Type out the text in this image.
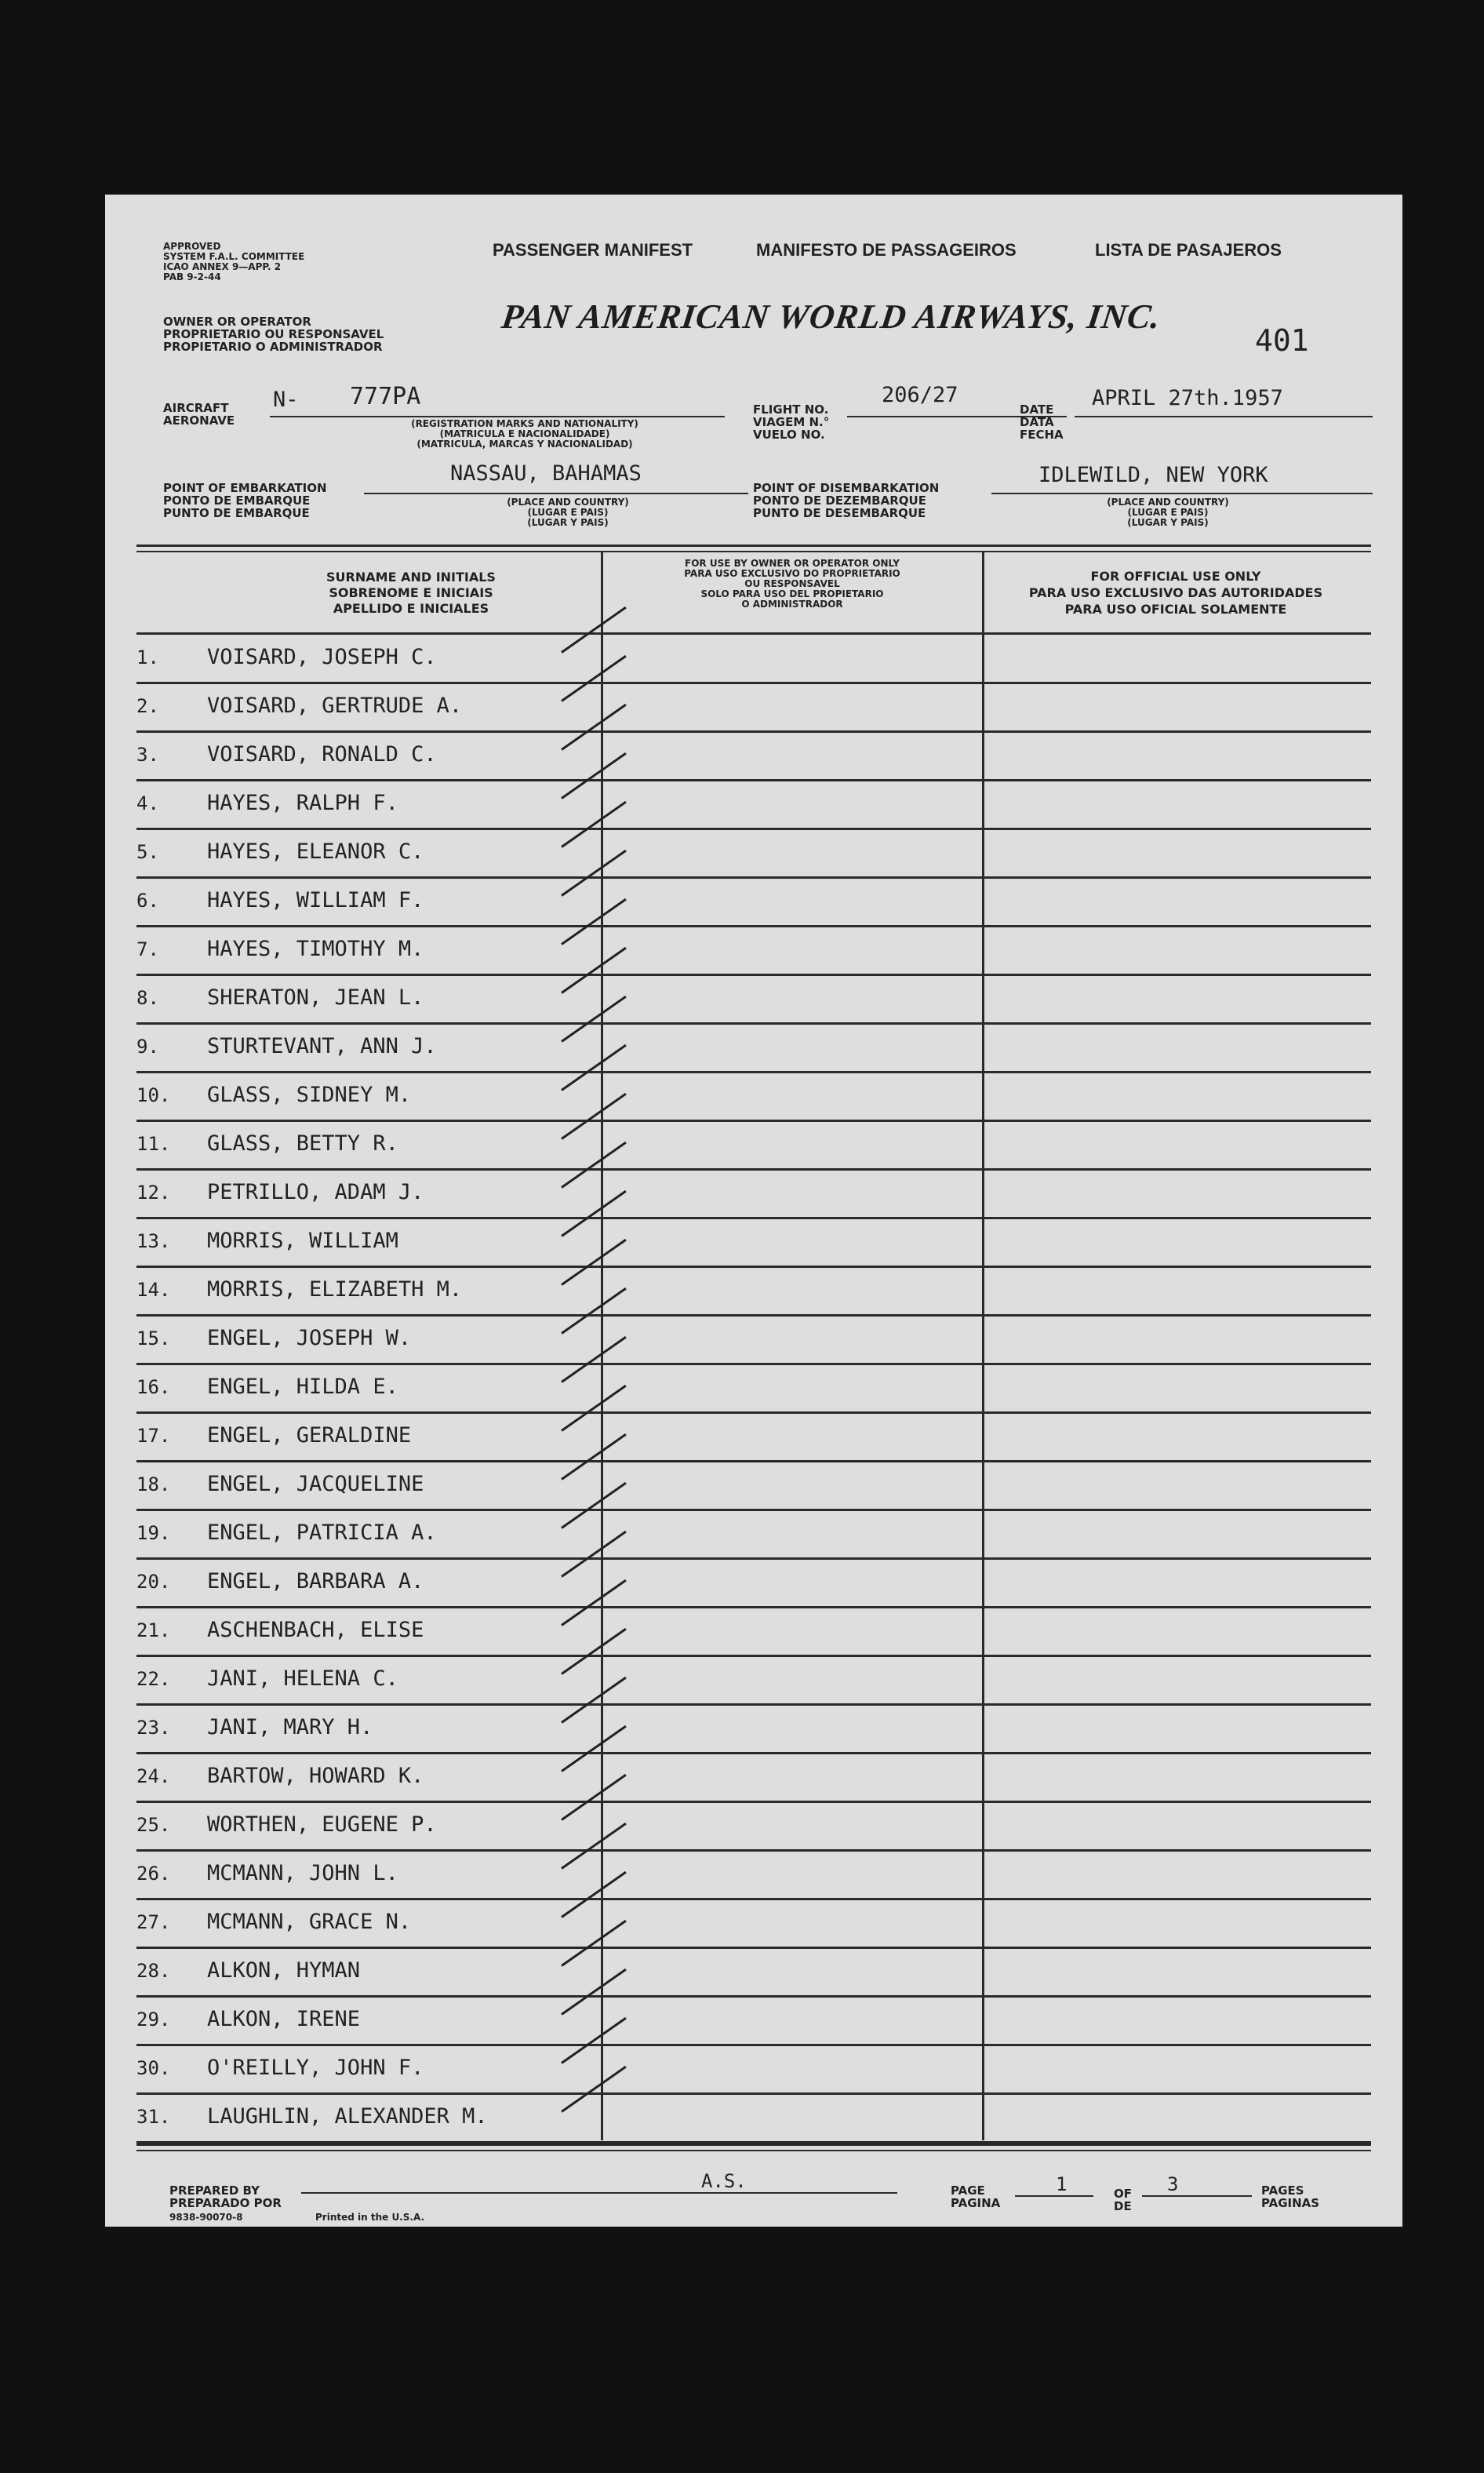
APPROVED
SYSTEM F.A.L. COMMITTEE
ICAO ANNEX 9—APP. 2
PAB 9-2-44
PASSENGER MANIFEST	MANIFESTO DE PASSAGEIROS	LISTA DE PASAJEROS
OWNER OR OPERATOR
PROPRIETARIO OU RESPONSAVEL
PROPIETARIO O ADMINISTRADOR
PAN AMERICAN WORLD AIRWAYS, INC.
401
AIRCRAFT
AERONAVE
N- 777PA
(REGISTRATION MARKS AND NATIONALITY)
(MATRICULA E NACIONALIDADE)
(MATRICULA, MARCAS Y NACIONALIDAD)
FLIGHT NO.
VIAGEM N.°
VUELO NO.
206/27
DATE
DATA
FECHA
APRIL 27th.1957
POINT OF EMBARKATION
PONTO DE EMBARQUE
PUNTO DE EMBARQUE
NASSAU, BAHAMAS
(PLACE AND COUNTRY)
(LUGAR E PAIS)
(LUGAR Y PAIS)
POINT OF DISEMBARKATION
PONTO DE DEZEMBARQUE
PUNTO DE DESEMBARQUE
IDLEWILD, NEW YORK
(PLACE AND COUNTRY)
(LUGAR E PAIS)
(LUGAR Y PAIS)
SURNAME AND INITIALS
SOBRENOME E INICIAIS
APELLIDO E INICIALES
FOR USE BY OWNER OR OPERATOR ONLY
PARA USO EXCLUSIVO DO PROPRIETARIO
OU RESPONSAVEL
SOLO PARA USO DEL PROPIETARIO
O ADMINISTRADOR
FOR OFFICIAL USE ONLY
PARA USO EXCLUSIVO DAS AUTORIDADES
PARA USO OFICIAL SOLAMENTE
1. VOISARD, JOSEPH C.
2. VOISARD, GERTRUDE A.
3. VOISARD, RONALD C.
4. HAYES, RALPH F.
5. HAYES, ELEANOR C.
6. HAYES, WILLIAM F.
7. HAYES, TIMOTHY M.
8. SHERATON, JEAN L.
9. STURTEVANT, ANN J.
10. GLASS, SIDNEY M.
11. GLASS, BETTY R.
12. PETRILLO, ADAM J.
13. MORRIS, WILLIAM
14. MORRIS, ELIZABETH M.
15. ENGEL, JOSEPH W.
16. ENGEL, HILDA E.
17. ENGEL, GERALDINE
18. ENGEL, JACQUELINE
19. ENGEL, PATRICIA A.
20. ENGEL, BARBARA A.
21. ASCHENBACH, ELISE
22. JANI, HELENA C.
23. JANI, MARY H.
24. BARTOW, HOWARD K.
25. WORTHEN, EUGENE P.
26. MCMANN, JOHN L.
27. MCMANN, GRACE N.
28. ALKON, HYMAN
29. ALKON, IRENE
30. O'REILLY, JOHN F.
31. LAUGHLIN, ALEXANDER M.
PREPARED BY
PREPARADO POR
A.S.
9838-90070-8	Printed in the U.S.A.
PAGE
PAGINA
1	OF
DE
3	PAGES
PAGINAS
